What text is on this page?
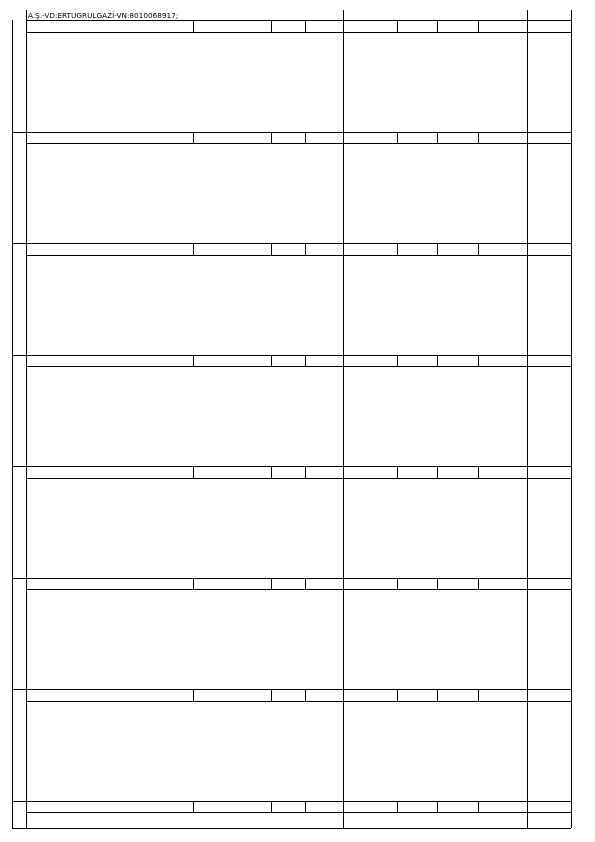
A.Ş.-VD:ERTUGRULGAZİ-VN:8010068917;
